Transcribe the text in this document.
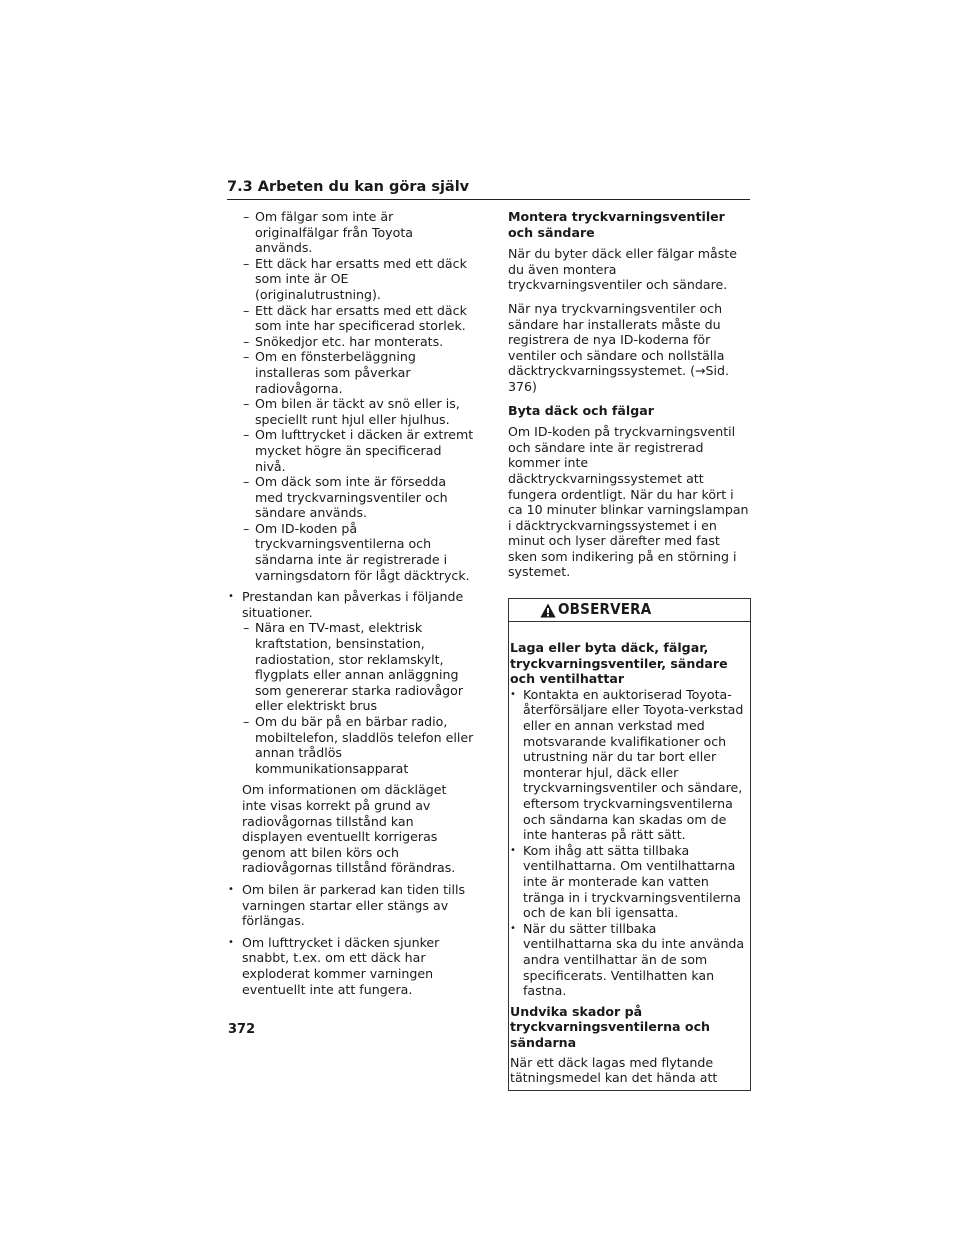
7.3 Arbeten du kan göra själv
– Om fälgar som inte är originalfälgar från Toyota används.
– Ett däck har ersatts med ett däck som inte är OE (originalutrustning).
– Ett däck har ersatts med ett däck som inte har specificerad storlek.
– Snökedjor etc. har monterats.
– Om en fönsterbeläggning installeras som påverkar radiovågorna.
– Om bilen är täckt av snö eller is, speciellt runt hjul eller hjulhus.
– Om lufttrycket i däcken är extremt mycket högre än specificerad nivå.
– Om däck som inte är försedda med tryckvarningsventiler och sändare används.
– Om ID-koden på tryckvarningsventilerna och sändarna inte är registrerade i varningsdatorn för lågt däcktryck.
• Prestandan kan påverkas i följande situationer.
– Nära en TV-mast, elektrisk kraftstation, bensinstation, radiostation, stor reklamskylt, flygplats eller annan anläggning som genererar starka radiovågor eller elektriskt brus
– Om du bär på en bärbar radio, mobiltelefon, sladdlös telefon eller annan trådlös kommunikationsapparat

Om informationen om däckläget inte visas korrekt på grund av radiovågornas tillstånd kan displayen eventuellt korrigeras genom att bilen körs och radiovågornas tillstånd förändras.

• Om bilen är parkerad kan tiden tills varningen startar eller stängs av förlängas.
• Om lufttrycket i däcken sjunker snabbt, t.ex. om ett däck har exploderat kommer varningen eventuellt inte att fungera.

Montera tryckvarningsventiler och sändare

När du byter däck eller fälgar måste du även montera tryckvarningsventiler och sändare.

När nya tryckvarningsventiler och sändare har installerats måste du registrera de nya ID-koderna för ventiler och sändare och nollställa däcktryckvarningssystemet. (→Sid. 376)

Byta däck och fälgar

Om ID-koden på tryckvarningsventil och sändare inte är registrerad kommer inte däcktryckvarningssystemet att fungera ordentligt. När du har kört i ca 10 minuter blinkar varningslampan i däcktryckvarningssystemet i en minut och lyser därefter med fast sken som indikering på en störning i systemet.

OBSERVERA

Laga eller byta däck, fälgar, tryckvarningsventiler, sändare och ventilhattar

• Kontakta en auktoriserad Toyota-återförsäljare eller Toyota-verkstad eller en annan verkstad med motsvarande kvalifikationer och utrustning när du tar bort eller monterar hjul, däck eller tryckvarningsventiler och sändare, eftersom tryckvarningsventilerna och sändarna kan skadas om de inte hanteras på rätt sätt.
• Kom ihåg att sätta tillbaka ventilhattarna. Om ventilhattarna inte är monterade kan vatten tränga in i tryckvarningsventilerna och de kan bli igensatta.
• När du sätter tillbaka ventilhattarna ska du inte använda andra ventilhattar än de som specificerats. Ventilhatten kan fastna.

Undvika skador på tryckvarningsventilerna och sändarna

När ett däck lagas med flytande tätningsmedel kan det hända att

372
